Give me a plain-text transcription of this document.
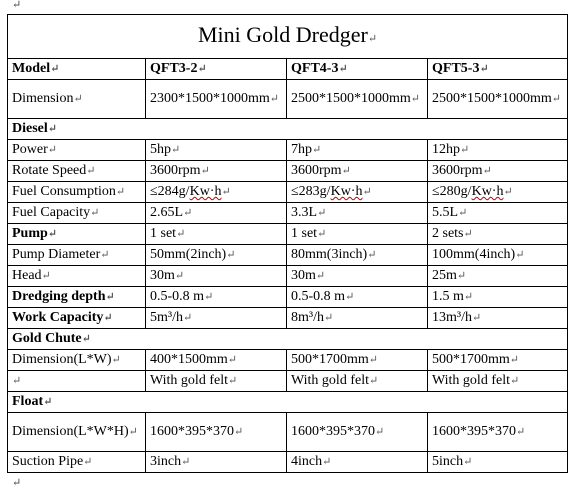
↵
Mini Gold Dredger↵			
Model↵	QFT3-2↵	QFT4-3↵	QFT5-3↵
Dimension↵	2300*1500*1000mm↵	2500*1500*1000mm↵	2500*1500*1000mm↵
Diesel↵			
Power↵	5hp↵	7hp↵	12hp↵
Rotate Speed↵	3600rpm↵	3600rpm↵	3600rpm↵
Fuel Consumption↵	≤284g/Kw·h↵	≤283g/Kw·h↵	≤280g/Kw·h↵
Fuel Capacity↵	2.65L↵	3.3L↵	5.5L↵
Pump↵	1 set↵	1 set↵	2 sets↵
Pump Diameter↵	50mm(2inch)↵	80mm(3inch)↵	100mm(4inch)↵
Head↵	30m↵	30m↵	25m↵
Dredging depth↵	0.5-0.8 m↵	0.5-0.8 m↵	1.5 m↵
Work Capacity↵	5m³/h↵	8m³/h↵	13m³/h↵
Gold Chute↵			
Dimension(L*W)↵	400*1500mm↵	500*1700mm↵	500*1700mm↵
↵	With gold felt↵	With gold felt↵	With gold felt↵
Float↵			
Dimension(L*W*H)↵	1600*395*370↵	1600*395*370↵	1600*395*370↵
Suction Pipe↵	3inch↵	4inch↵	5inch↵
↵
